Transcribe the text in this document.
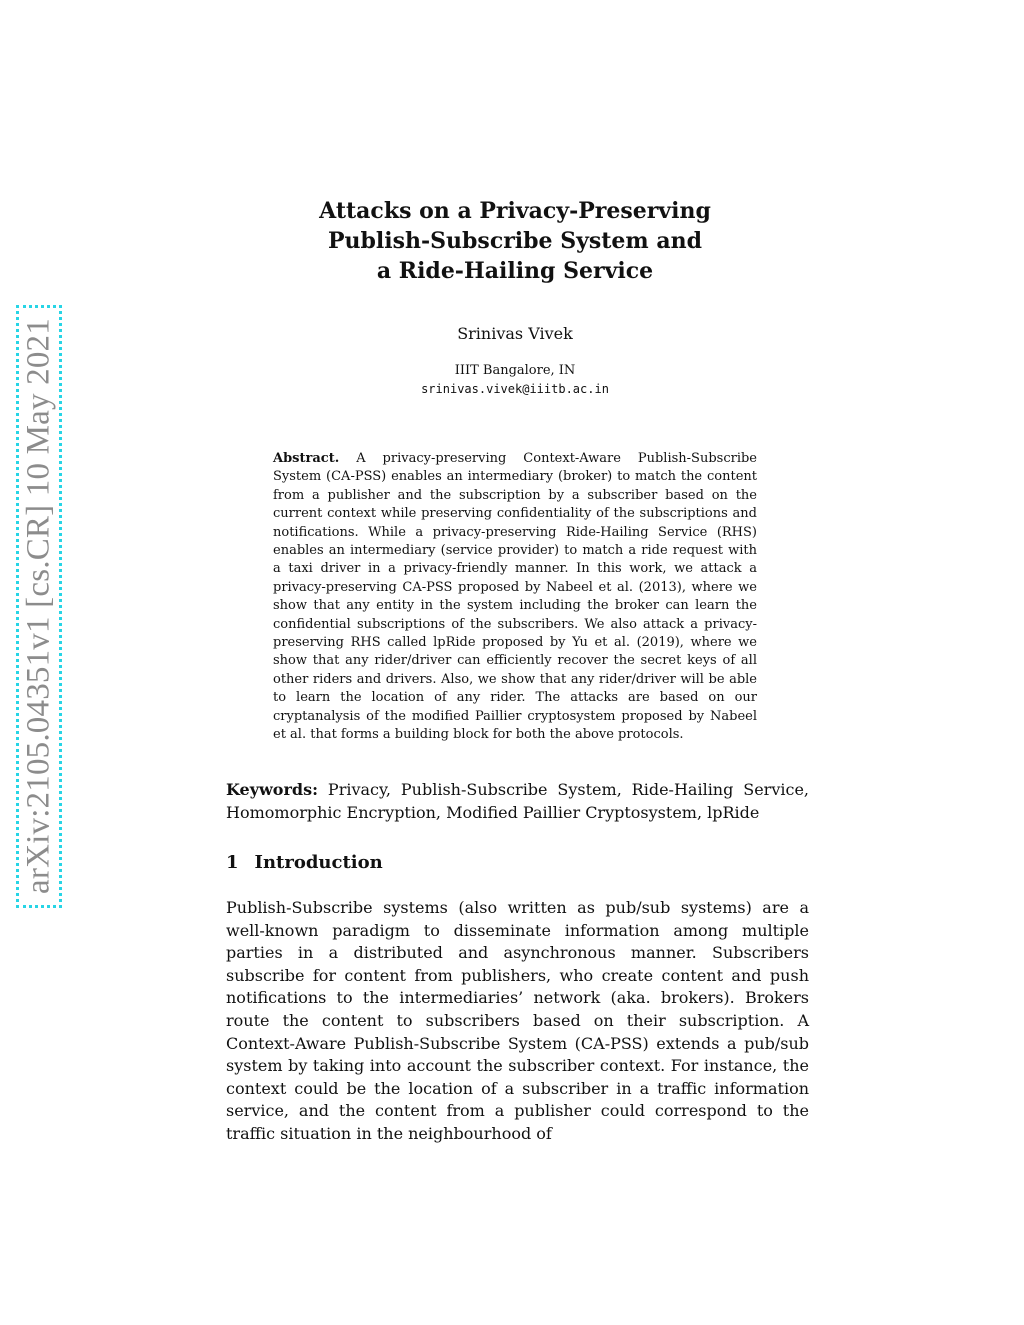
arXiv:2105.04351v1 [cs.CR] 10 May 2021
Attacks on a Privacy-Preserving
Publish-Subscribe System and
a Ride-Hailing Service
Srinivas Vivek
IIIT Bangalore, IN
srinivas.vivek@iiitb.ac.in
Abstract. A privacy-preserving Context-Aware Publish-Subscribe System (CA-PSS) enables an intermediary (broker) to match the content from a publisher and the subscription by a subscriber based on the current context while preserving confidentiality of the subscriptions and notifications. While a privacy-preserving Ride-Hailing Service (RHS) enables an intermediary (service provider) to match a ride request with a taxi driver in a privacy-friendly manner. In this work, we attack a privacy-preserving CA-PSS proposed by Nabeel et al. (2013), where we show that any entity in the system including the broker can learn the confidential subscriptions of the subscribers. We also attack a privacy-preserving RHS called lpRide proposed by Yu et al. (2019), where we show that any rider/driver can efficiently recover the secret keys of all other riders and drivers. Also, we show that any rider/driver will be able to learn the location of any rider. The attacks are based on our cryptanalysis of the modified Paillier cryptosystem proposed by Nabeel et al. that forms a building block for both the above protocols.
Keywords: Privacy, Publish-Subscribe System, Ride-Hailing Service, Homomorphic Encryption, Modified Paillier Cryptosystem, lpRide
1 Introduction
Publish-Subscribe systems (also written as pub/sub systems) are a well-known paradigm to disseminate information among multiple parties in a distributed and asynchronous manner. Subscribers subscribe for content from publishers, who create content and push notifications to the intermediaries’ network (aka. brokers). Brokers route the content to subscribers based on their subscription. A Context-Aware Publish-Subscribe System (CA-PSS) extends a pub/sub system by taking into account the subscriber context. For instance, the context could be the location of a subscriber in a traffic information service, and the content from a publisher could correspond to the traffic situation in the neighbourhood of
